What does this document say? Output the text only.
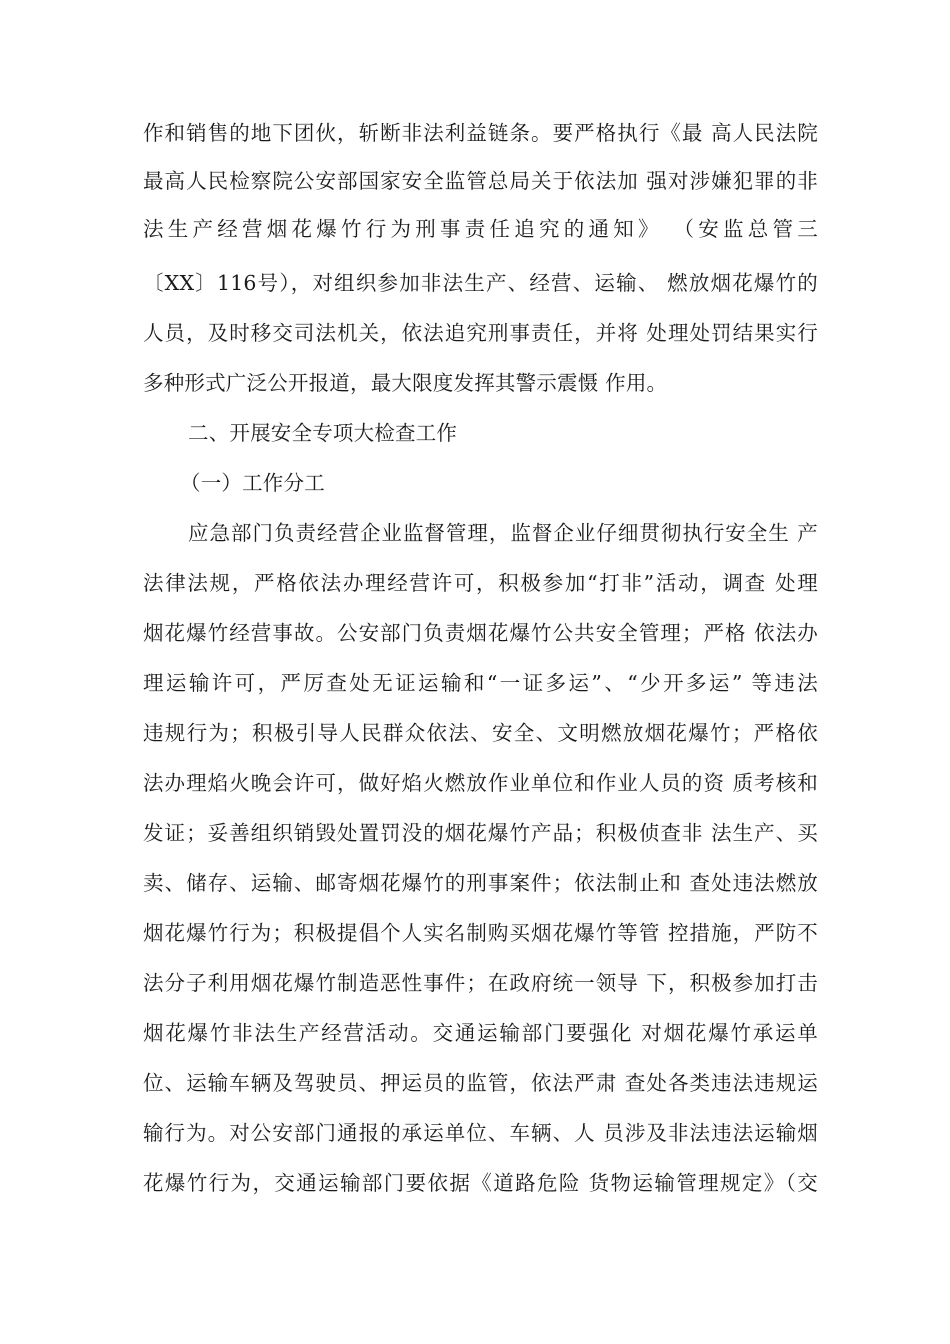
作和销售的地下团伙，斩断非法利益链条。要严格执行《最 高人民法院
最高人民检察院公安部国家安全监管总局关于依法加 强对涉嫌犯罪的非
法生产经营烟花爆竹行为刑事责任追究的通知》 （安监总管三
〔XX〕116号），对组织参加非法生产、经营、运输、 燃放烟花爆竹的
人员，及时移交司法机关，依法追究刑事责任，并将 处理处罚结果实行
多种形式广泛公开报道，最大限度发挥其警示震慑 作用。
二、开展安全专项大检查工作
（一）工作分工
应急部门负责经营企业监督管理，监督企业仔细贯彻执行安全生 产
法律法规，严格依法办理经营许可，积极参加“打非”活动，调查 处理
烟花爆竹经营事故。公安部门负责烟花爆竹公共安全管理；严格 依法办
理运输许可，严厉查处无证运输和“一证多运”、“少开多运” 等违法
违规行为；积极引导人民群众依法、安全、文明燃放烟花爆竹；严格依
法办理焰火晚会许可，做好焰火燃放作业单位和作业人员的资 质考核和
发证；妥善组织销毁处置罚没的烟花爆竹产品；积极侦查非 法生产、买
卖、储存、运输、邮寄烟花爆竹的刑事案件；依法制止和 查处违法燃放
烟花爆竹行为；积极提倡个人实名制购买烟花爆竹等管 控措施，严防不
法分子利用烟花爆竹制造恶性事件；在政府统一领导 下，积极参加打击
烟花爆竹非法生产经营活动。交通运输部门要强化 对烟花爆竹承运单
位、运输车辆及驾驶员、押运员的监管，依法严肃 查处各类违法违规运
输行为。对公安部门通报的承运单位、车辆、人 员涉及非法违法运输烟
花爆竹行为，交通运输部门要依据《道路危险 货物运输管理规定》（交
